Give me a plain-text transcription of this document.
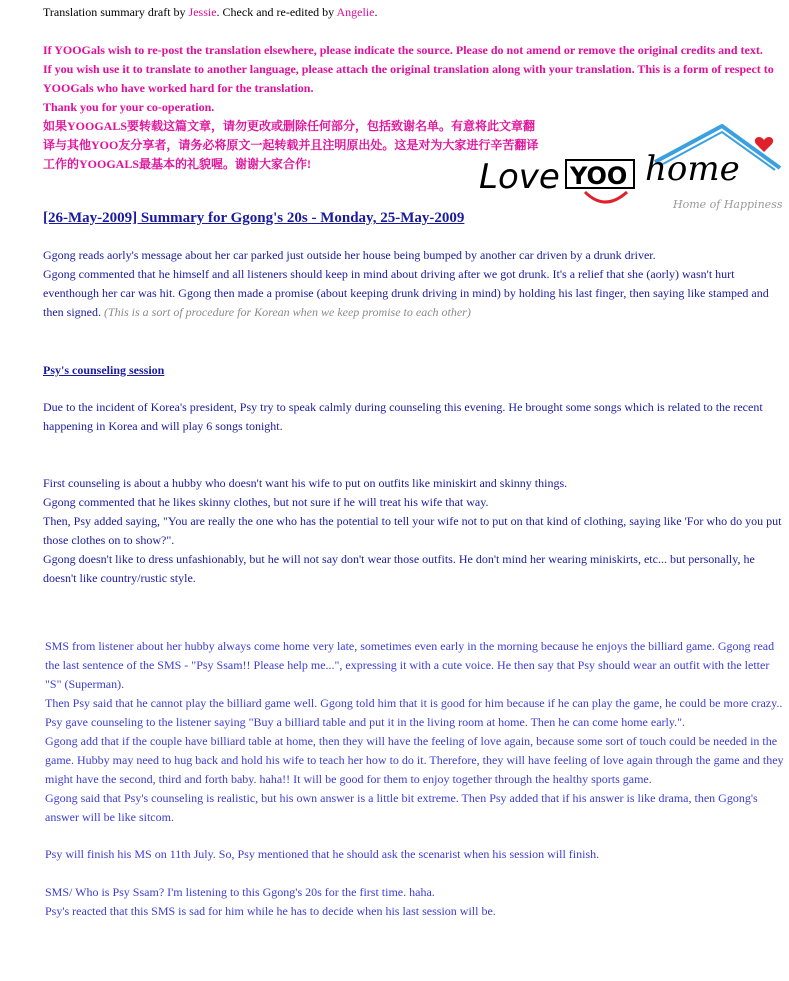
Translation summary draft by Jessie. Check and re-edited by Angelie.

If YOOGals wish to re-post the translation elsewhere, please indicate the source. Please do not amend or remove the original credits and text.

If you wish use it to translate to another language, please attach the original translation along with your translation. This is a form of respect to YOOGals who have worked hard for the translation.

Thank you for your co-operation.

如果YOOGALS要转载这篇文章，请勿更改或删除任何部分，包括致谢名单。有意将此文章翻译与其他YOO友分享者，请务必将原文一起转载并且注明原出处。这是对为大家进行辛苦翻译工作的YOOGALS最基本的礼貌喔。谢谢大家合作!	Love YOO home
Home of Happiness
[26-May-2009] Summary for Ggong's 20s - Monday, 25-May-2009

Ggong reads aorly's message about her car parked just outside her house being bumped by another car driven by a drunk driver.

Ggong commented that he himself and all listeners should keep in mind about driving after we got drunk. It's a relief that she (aorly) wasn't hurt eventhough her car was hit. Ggong then made a promise (about keeping drunk driving in mind) by holding his last finger, then saying like stamped and then signed. (This is a sort of procedure for Korean when we keep promise to each other)

Psy's counseling session

Due to the incident of Korea's president, Psy try to speak calmly during counseling this evening. He brought some songs which is related to the recent happening in Korea and will play 6 songs tonight.

First counseling is about a hubby who doesn't want his wife to put on outfits like miniskirt and skinny things.

Ggong commented that he likes skinny clothes, but not sure if he will treat his wife that way.

Then, Psy added saying, "You are really the one who has the potential to tell your wife not to put on that kind of clothing, saying like 'For who do you put those clothes on to show?".

Ggong doesn't like to dress unfashionably, but he will not say don't wear those outfits. He don't mind her wearing miniskirts, etc... but personally, he doesn't like country/rustic style.

SMS from listener about her hubby always come home very late, sometimes even early in the morning because he enjoys the billiard game. Ggong read the last sentence of the SMS - "Psy Ssam!! Please help me...", expressing it with a cute voice. He then say that Psy should wear an outfit with the letter "S" (Superman).

Then Psy said that he cannot play the billiard game well. Ggong told him that it is good for him because if he can play the game, he could be more crazy..

Psy gave counseling to the listener saying "Buy a billiard table and put it in the living room at home. Then he can come home early.".

Ggong add that if the couple have billiard table at home, then they will have the feeling of love again, because some sort of touch could be needed in the game. Hubby may need to hug back and hold his wife to teach her how to do it. Therefore, they will have feeling of love again through the game and they might have the second, third and forth baby. haha!! It will be good for them to enjoy together through the healthy sports game.

Ggong said that Psy's counseling is realistic, but his own answer is a little bit extreme. Then Psy added that if his answer is like drama, then Ggong's answer will be like sitcom.

Psy will finish his MS on 11th July. So, Psy mentioned that he should ask the scenarist when his session will finish.

SMS/ Who is Psy Ssam? I'm listening to this Ggong's 20s for the first time. haha.

Psy's reacted that this SMS is sad for him while he has to decide when his last session will be.
